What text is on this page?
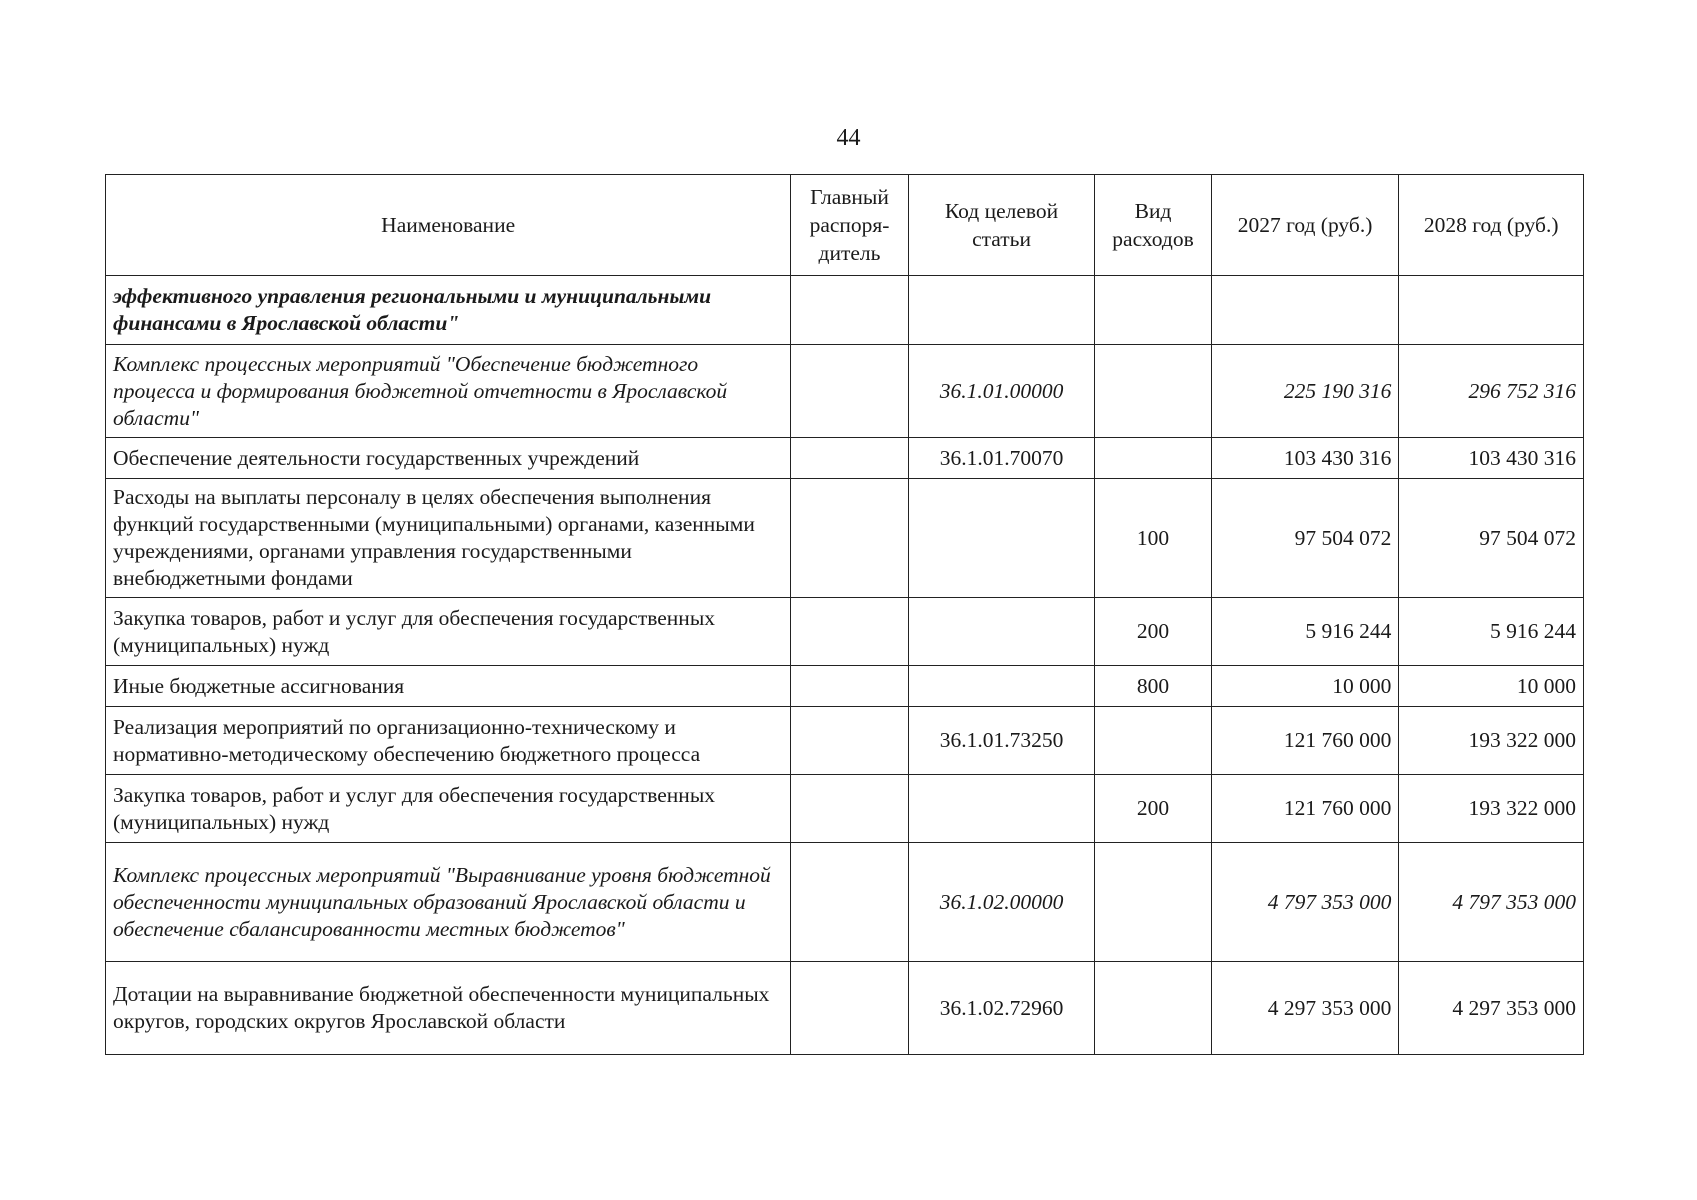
44
Наименование	Главный распоря-дитель	Код целевой статьи	Вид расходов	2027 год (руб.)	2028 год (руб.)
эффективного управления региональными и муниципальными финансами в Ярославской области"					
Комплекс процессных мероприятий "Обеспечение бюджетного процесса и формирования бюджетной отчетности в Ярославской области"		36.1.01.00000		225 190 316	296 752 316
Обеспечение деятельности государственных учреждений		36.1.01.70070		103 430 316	103 430 316
Расходы на выплаты персоналу в целях обеспечения выполнения функций государственными (муниципальными) органами, казенными учреждениями, органами управления государственными внебюджетными фондами			100	97 504 072	97 504 072
Закупка товаров, работ и услуг для обеспечения государственных (муниципальных) нужд			200	5 916 244	5 916 244
Иные бюджетные ассигнования			800	10 000	10 000
Реализация мероприятий по организационно-техническому и нормативно-методическому обеспечению бюджетного процесса		36.1.01.73250		121 760 000	193 322 000
Закупка товаров, работ и услуг для обеспечения государственных (муниципальных) нужд			200	121 760 000	193 322 000
Комплекс процессных мероприятий "Выравнивание уровня бюджетной обеспеченности муниципальных образований Ярославской области и обеспечение сбалансированности местных бюджетов"		36.1.02.00000		4 797 353 000	4 797 353 000
Дотации на выравнивание бюджетной обеспеченности муниципальных округов, городских округов Ярославской области		36.1.02.72960		4 297 353 000	4 297 353 000
